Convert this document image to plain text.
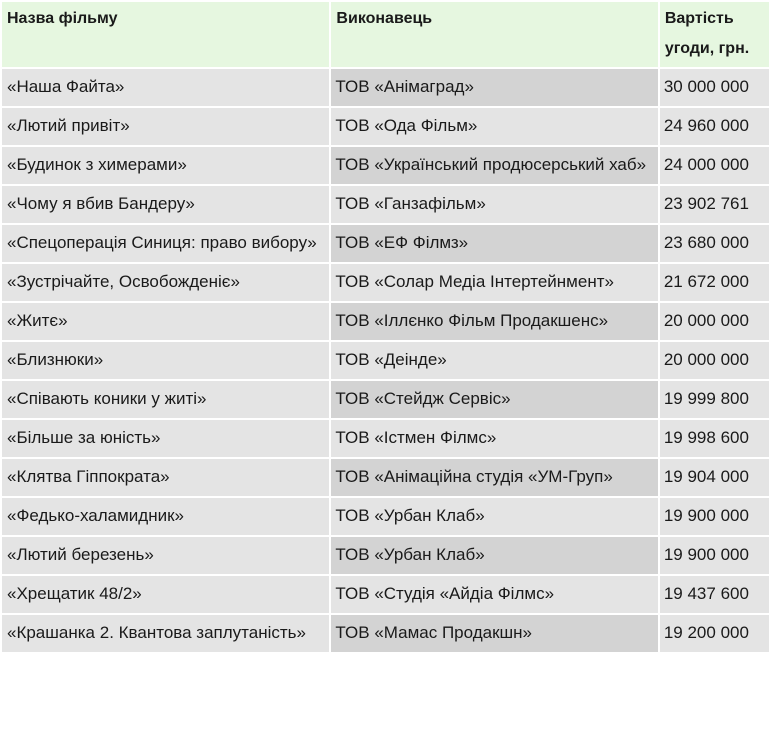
Назва фільму	Виконавець	Вартість угоди, грн.
«Наша Файта»	ТОВ «Анімаград»	30 000 000
«Лютий привіт»	ТОВ «Ода Фільм»	24 960 000
«Будинок з химерами»	ТОВ «Український продюсерський хаб»	24 000 000
«Чому я вбив Бандеру»	ТОВ «Ганзафільм»	23 902 761
«Спецоперація Синиця: право вибору»	ТОВ «ЕФ Філмз»	23 680 000
«Зустрічайте, Освобожденіє»	ТОВ «Солар Медіа Інтертейнмент»	21 672 000
«Житє»	ТОВ «Іллєнко Фільм Продакшенс»	20 000 000
«Близнюки»	ТОВ «Деінде»	20 000 000
«Співають коники у житі»	ТОВ «Стейдж Сервіс»	19 999 800
«Більше за юність»	ТОВ «Істмен Філмс»	19 998 600
«Клятва Гіппократа»	ТОВ «Анімаційна студія «УМ-Груп»	19 904 000
«Федько-халамидник»	ТОВ «Урбан Клаб»	19 900 000
«Лютий березень»	ТОВ «Урбан Клаб»	19 900 000
«Хрещатик 48/2»	ТОВ «Студія «Айдіа Філмс»	19 437 600
«Крашанка 2. Квантова заплутаність»	ТОВ «Мамас Продакшн»	19 200 000
